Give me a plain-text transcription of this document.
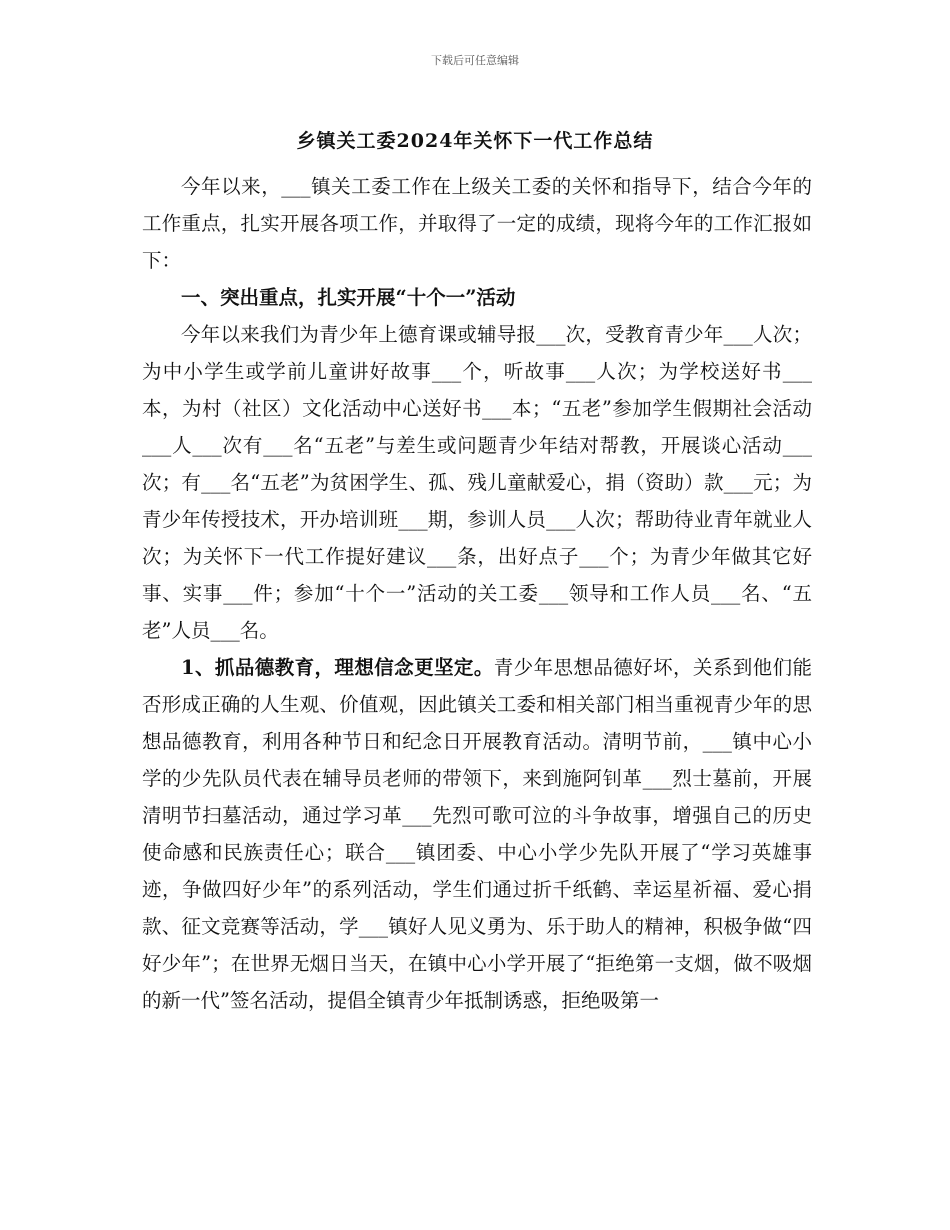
下载后可任意编辑
乡镇关工委2024年关怀下一代工作总结

今年以来，___镇关工委工作在上级关工委的关怀和指导下，结合今年的工作重点，扎实开展各项工作，并取得了一定的成绩，现将今年的工作汇报如下：

一、突出重点，扎实开展“十个一”活动

今年以来我们为青少年上德育课或辅导报___次，受教育青少年___人次；为中小学生或学前儿童讲好故事___个，听故事___人次；为学校送好书___本，为村（社区）文化活动中心送好书___本；“五老”参加学生假期社会活动___人___次有___名“五老”与差生或问题青少年结对帮教，开展谈心活动___次；有___名“五老”为贫困学生、孤、残儿童献爱心，捐（资助）款___元；为青少年传授技术，开办培训班___期，参训人员___人次；帮助待业青年就业人次；为关怀下一代工作提好建议___条，出好点子___个；为青少年做其它好事、实事___件；参加“十个一”活动的关工委___领导和工作人员___名、“五老”人员___名。

1、抓品德教育，理想信念更坚定。青少年思想品德好坏，关系到他们能否形成正确的人生观、价值观，因此镇关工委和相关部门相当重视青少年的思想品德教育，利用各种节日和纪念日开展教育活动。清明节前，___镇中心小学的少先队员代表在辅导员老师的带领下，来到施阿钊革___烈士墓前，开展清明节扫墓活动，通过学习革___先烈可歌可泣的斗争故事，增强自己的历史使命感和民族责任心；联合___镇团委、中心小学少先队开展了“学习英雄事迹，争做四好少年”的系列活动，学生们通过折千纸鹤、幸运星祈福、爱心捐款、征文竞赛等活动，学___镇好人见义勇为、乐于助人的精神，积极争做“四好少年”；在世界无烟日当天，在镇中心小学开展了“拒绝第一支烟，做不吸烟的新一代”签名活动，提倡全镇青少年抵制诱惑，拒绝吸第一
